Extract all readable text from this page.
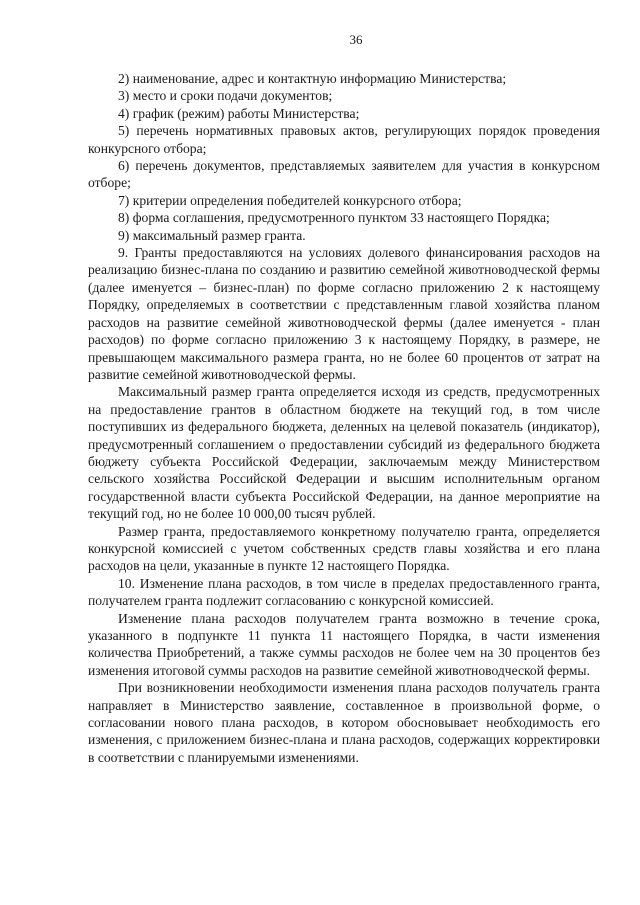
36

2) наименование, адрес и контактную информацию Министерства;

3) место и сроки подачи документов;

4) график (режим) работы Министерства;

5) перечень нормативных правовых актов, регулирующих порядок проведения конкурсного отбора;

6) перечень документов, представляемых заявителем для участия в конкурсном отборе;

7) критерии определения победителей конкурсного отбора;

8) форма соглашения, предусмотренного пунктом 33 настоящего Порядка;

9) максимальный размер гранта.

9. Гранты предоставляются на условиях долевого финансирования расходов на реализацию бизнес-плана по созданию и развитию семейной животноводческой фермы (далее именуется – бизнес-план) по форме согласно приложению 2 к настоящему Порядку, определяемых в соответствии с представленным главой хозяйства планом расходов на развитие семейной животноводческой фермы (далее именуется - план расходов) по форме согласно приложению 3 к настоящему Порядку, в размере, не превышающем максимального размера гранта, но не более 60 процентов от затрат на развитие семейной животноводческой фермы.

Максимальный размер гранта определяется исходя из средств, предусмотренных на предоставление грантов в областном бюджете на текущий год, в том числе поступивших из федерального бюджета, деленных на целевой показатель (индикатор), предусмотренный соглашением о предоставлении субсидий из федерального бюджета бюджету субъекта Российской Федерации, заключаемым между Министерством сельского хозяйства Российской Федерации и высшим исполнительным органом государственной власти субъекта Российской Федерации, на данное мероприятие на текущий год, но не более 10 000,00 тысяч рублей.

Размер гранта, предоставляемого конкретному получателю гранта, определяется конкурсной комиссией с учетом собственных средств главы хозяйства и его плана расходов на цели, указанные в пункте 12 настоящего Порядка.

10. Изменение плана расходов, в том числе в пределах предоставленного гранта, получателем гранта подлежит согласованию с конкурсной комиссией.

Изменение плана расходов получателем гранта возможно в течение срока, указанного в подпункте 11 пункта 11 настоящего Порядка, в части изменения количества Приобретений, а также суммы расходов не более чем на 30 процентов без изменения итоговой суммы расходов на развитие семейной животноводческой фермы.

При возникновении необходимости изменения плана расходов получатель гранта направляет в Министерство заявление, составленное в произвольной форме, о согласовании нового плана расходов, в котором обосновывает необходимость его изменения, с приложением бизнес-плана и плана расходов, содержащих корректировки в соответствии с планируемыми изменениями.
